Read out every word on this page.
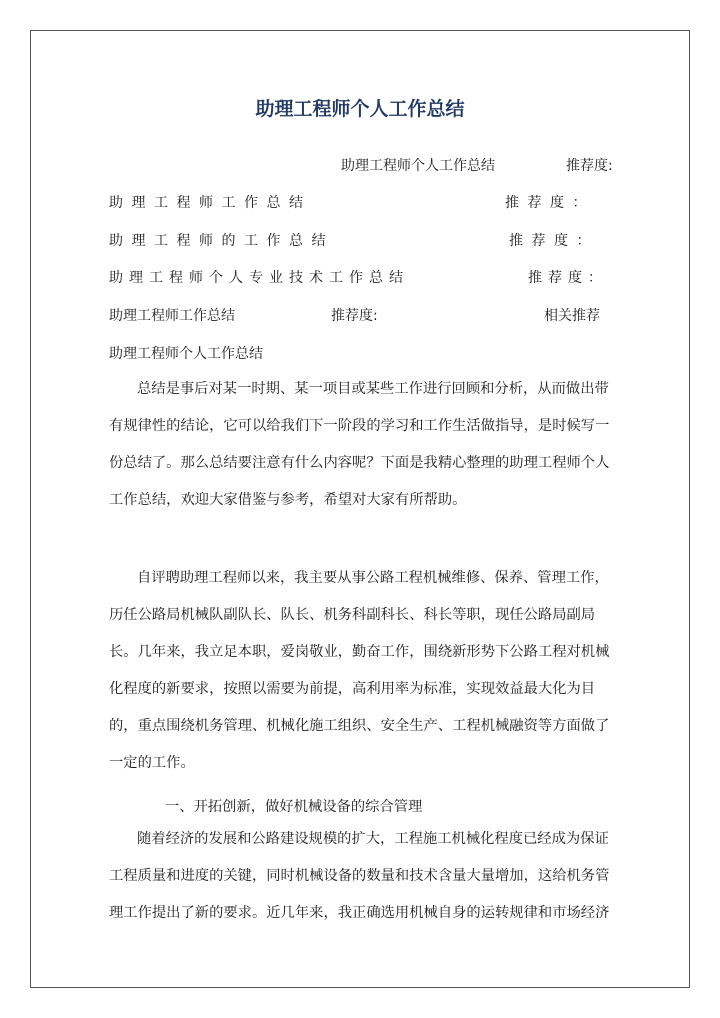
助理工程师个人工作总结
助理工程师个人工作总结	推荐度:
助理工程师工作总结	推荐度：
助理工程师的工作总结	推荐度：
助理工程师个人专业技术工作总结	推荐度：
助理工程师工作总结	推荐度:	相关推荐
助理工程师个人工作总结

总结是事后对某一时期、某一项目或某些工作进行回顾和分析，从而做出带有规律性的结论，它可以给我们下一阶段的学习和工作生活做指导，是时候写一份总结了。那么总结要注意有什么内容呢？下面是我精心整理的助理工程师个人工作总结，欢迎大家借鉴与参考，希望对大家有所帮助。

自评聘助理工程师以来，我主要从事公路工程机械维修、保养、管理工作，历任公路局机械队副队长、队长、机务科副科长、科长等职，现任公路局副局长。几年来，我立足本职，爱岗敬业，勤奋工作，围绕新形势下公路工程对机械化程度的新要求，按照以需要为前提，高利用率为标准，实现效益最大化为目的，重点围绕机务管理、机械化施工组织、安全生产、工程机械融资等方面做了一定的工作。

一、开拓创新，做好机械设备的综合管理

随着经济的发展和公路建设规模的扩大，工程施工机械化程度已经成为保证工程质量和进度的关键，同时机械设备的数量和技术含量大量增加，这给机务管理工作提出了新的要求。近几年来，我正确选用机械自身的运转规律和市场经济
